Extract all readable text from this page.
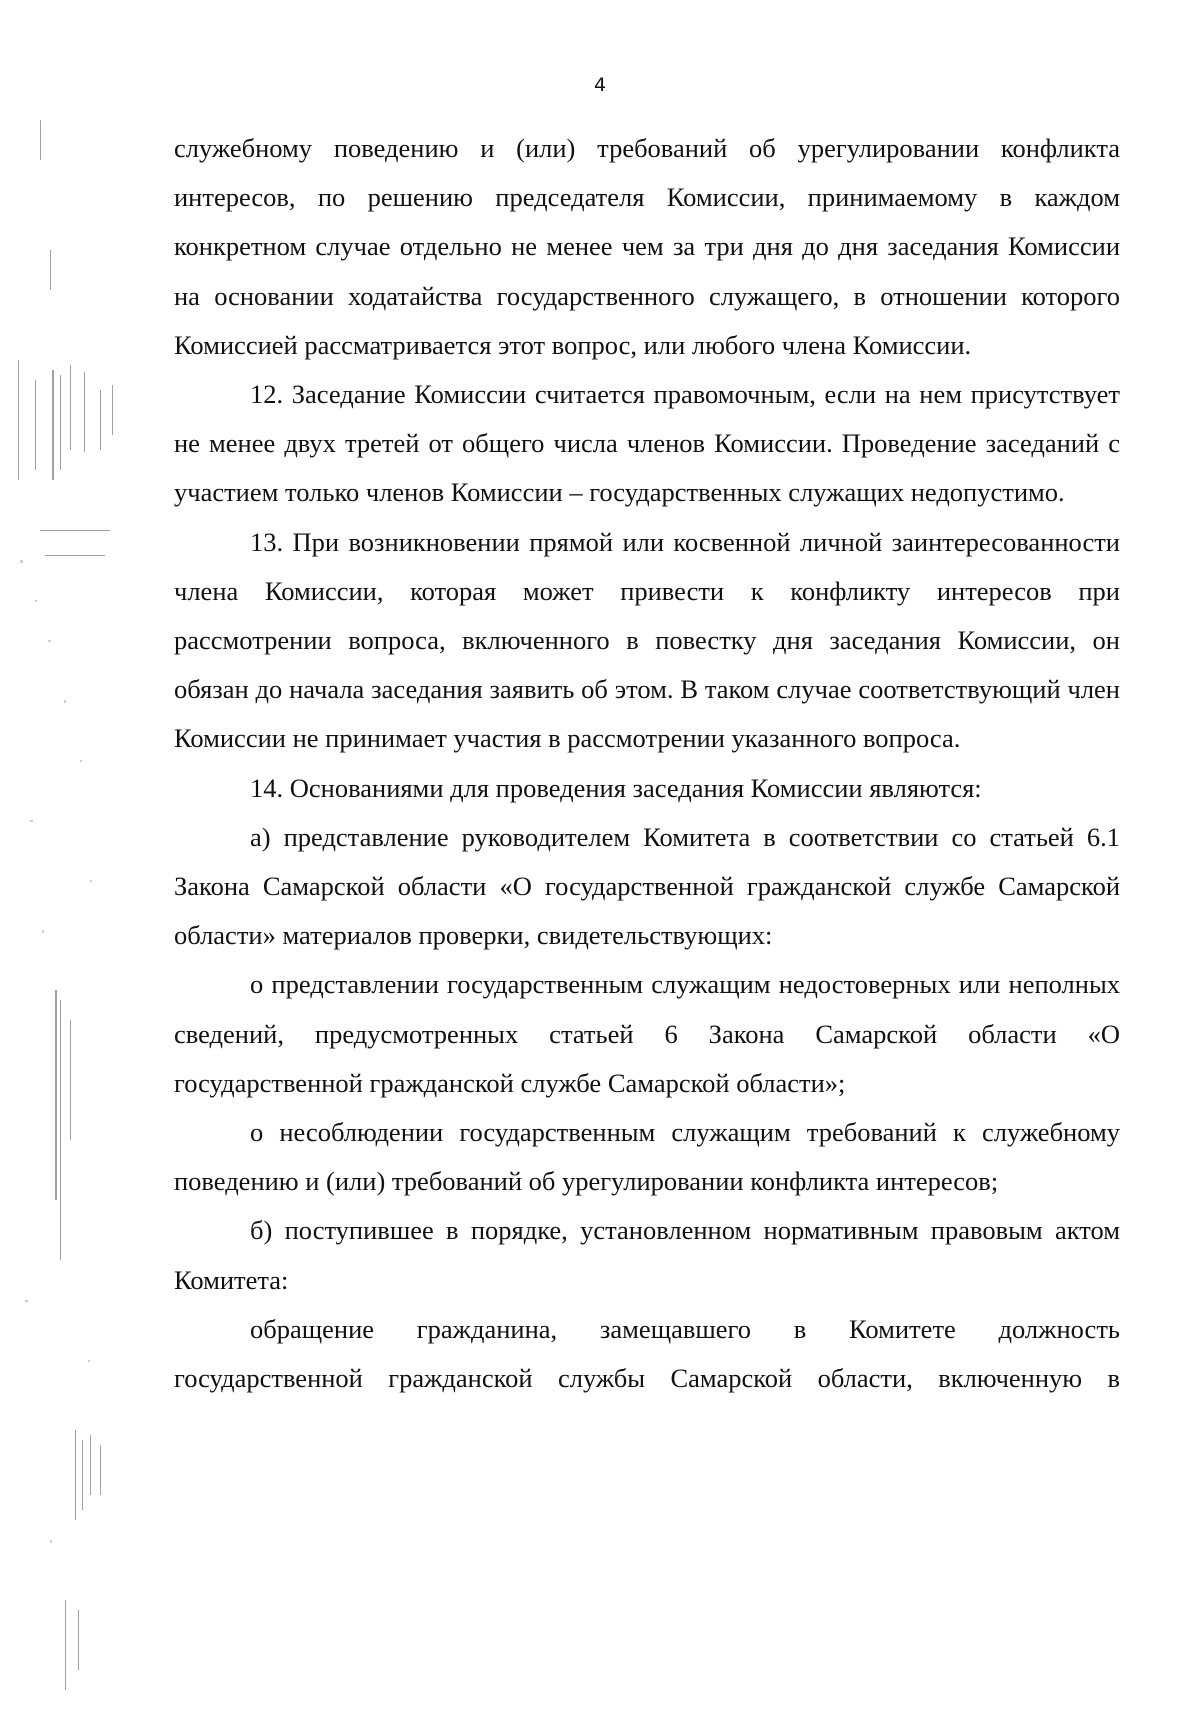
4

служебному поведению и (или) требований об урегулировании конфликта интересов, по решению председателя Комиссии, принимаемому в каждом конкретном случае отдельно не менее чем за три дня до дня заседания Комиссии на основании ходатайства государственного служащего, в отношении которого Комиссией рассматривается этот вопрос, или любого члена Комиссии.

12. Заседание Комиссии считается правомочным, если на нем присутствует не менее двух третей от общего числа членов Комиссии. Проведение заседаний с участием только членов Комиссии – государственных служащих недопустимо.

13. При возникновении прямой или косвенной личной заинтересованности члена Комиссии, которая может привести к конфликту интересов при рассмотрении вопроса, включенного в повестку дня заседания Комиссии, он обязан до начала заседания заявить об этом. В таком случае соответствующий член Комиссии не принимает участия в рассмотрении указанного вопроса.

14. Основаниями для проведения заседания Комиссии являются:

а) представление руководителем Комитета в соответствии со статьей 6.1 Закона Самарской области «О государственной гражданской службе Самарской области» материалов проверки, свидетельствующих:

о представлении государственным служащим недостоверных или неполных сведений, предусмотренных статьей 6 Закона Самарской области «О государственной гражданской службе Самарской области»;

о несоблюдении государственным служащим требований к служебному поведению и (или) требований об урегулировании конфликта интересов;

б) поступившее в порядке, установленном нормативным правовым актом Комитета:

обращение гражданина, замещавшего в Комитете должность государственной гражданской службы Самарской области, включенную в
